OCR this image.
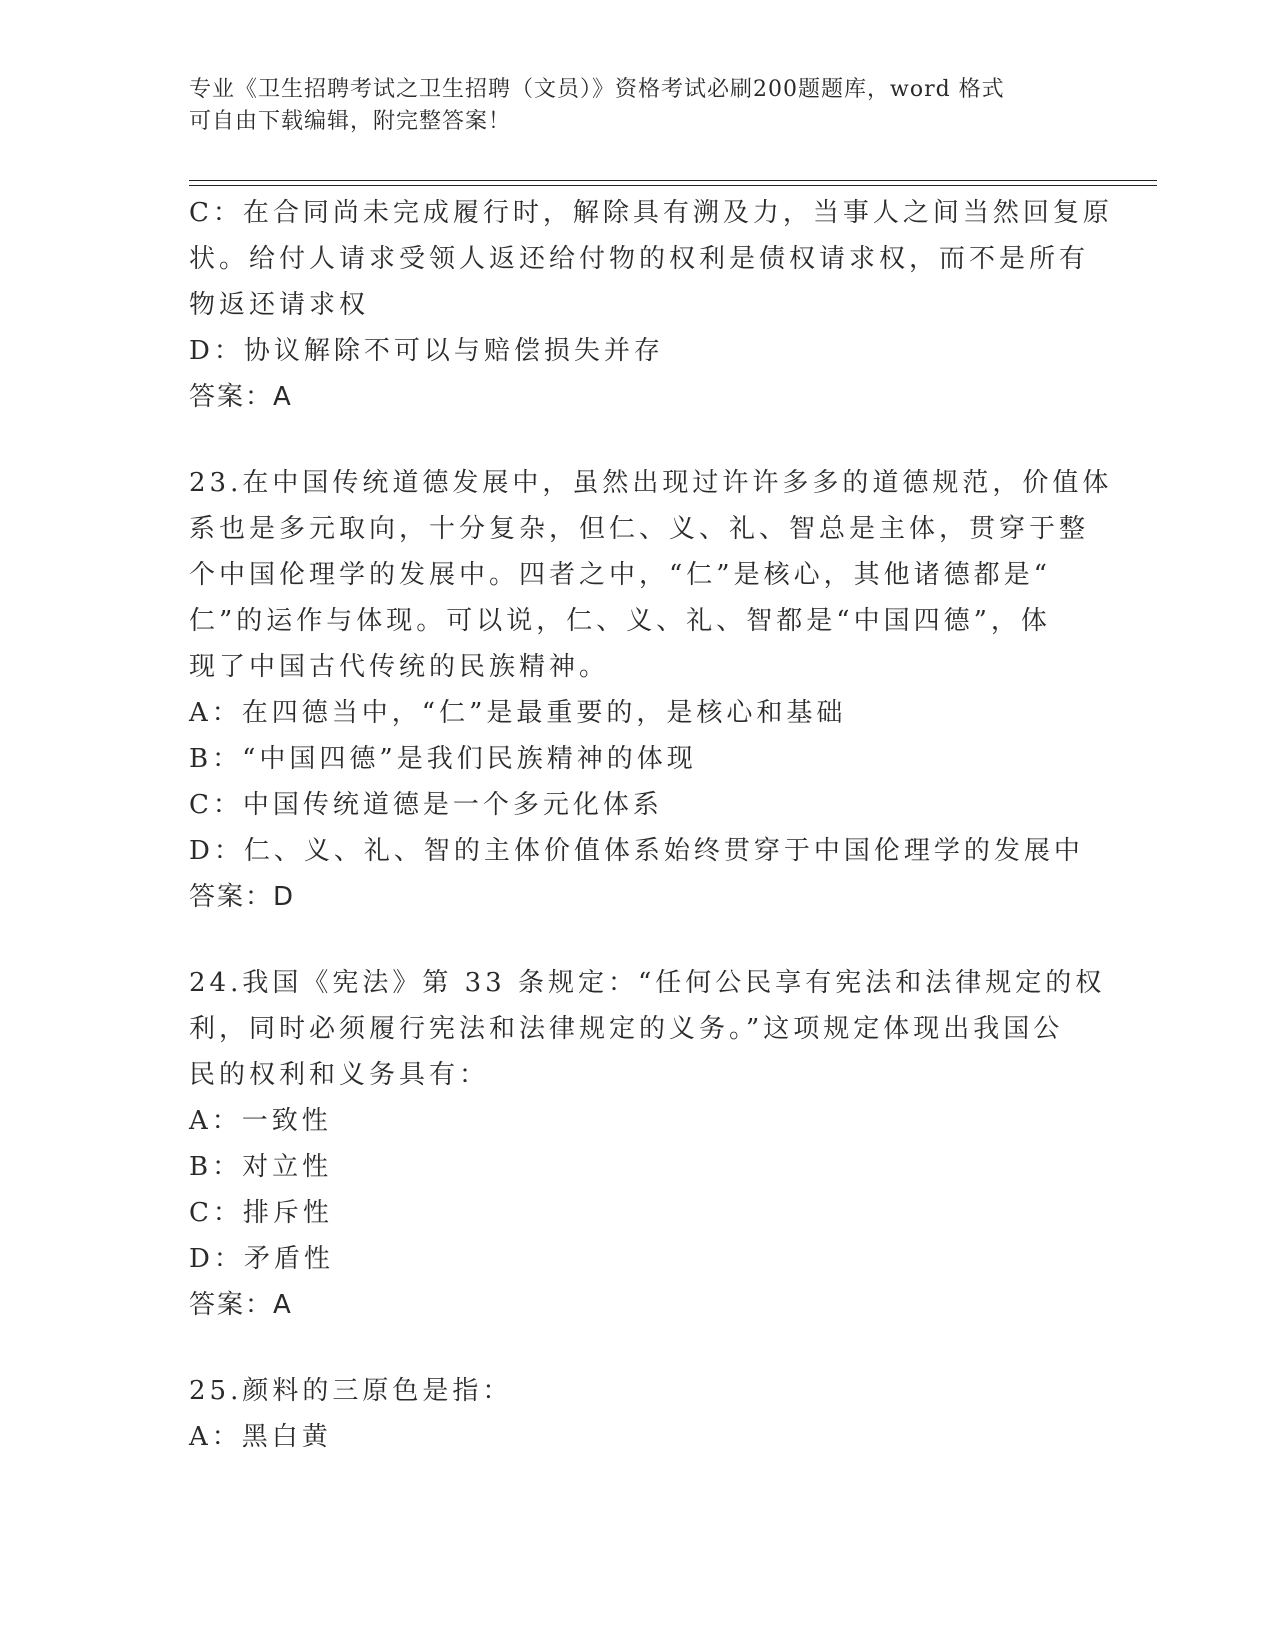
专业《卫生招聘考试之卫生招聘（文员）》资格考试必刷200题题库，word 格式
可自由下载编辑，附完整答案！
C：在合同尚未完成履行时，解除具有溯及力，当事人之间当然回复原
状。给付人请求受领人返还给付物的权利是债权请求权，而不是所有
物返还请求权
D：协议解除不可以与赔偿损失并存
答案：A
23.在中国传统道德发展中，虽然出现过许许多多的道德规范，价值体
系也是多元取向，十分复杂，但仁、义、礼、智总是主体，贯穿于整
个中国伦理学的发展中。四者之中，“仁”是核心，其他诸德都是“
仁”的运作与体现。可以说，仁、义、礼、智都是“中国四德”，体
现了中国古代传统的民族精神。
A：在四德当中，“仁”是最重要的，是核心和基础
B：“中国四德”是我们民族精神的体现
C：中国传统道德是一个多元化体系
D：仁、义、礼、智的主体价值体系始终贯穿于中国伦理学的发展中
答案：D
24.我国《宪法》第 33 条规定：“任何公民享有宪法和法律规定的权
利，同时必须履行宪法和法律规定的义务。”这项规定体现出我国公
民的权利和义务具有：
A：一致性
B：对立性
C：排斥性
D：矛盾性
答案：A
25.颜料的三原色是指：
A：黑白黄
